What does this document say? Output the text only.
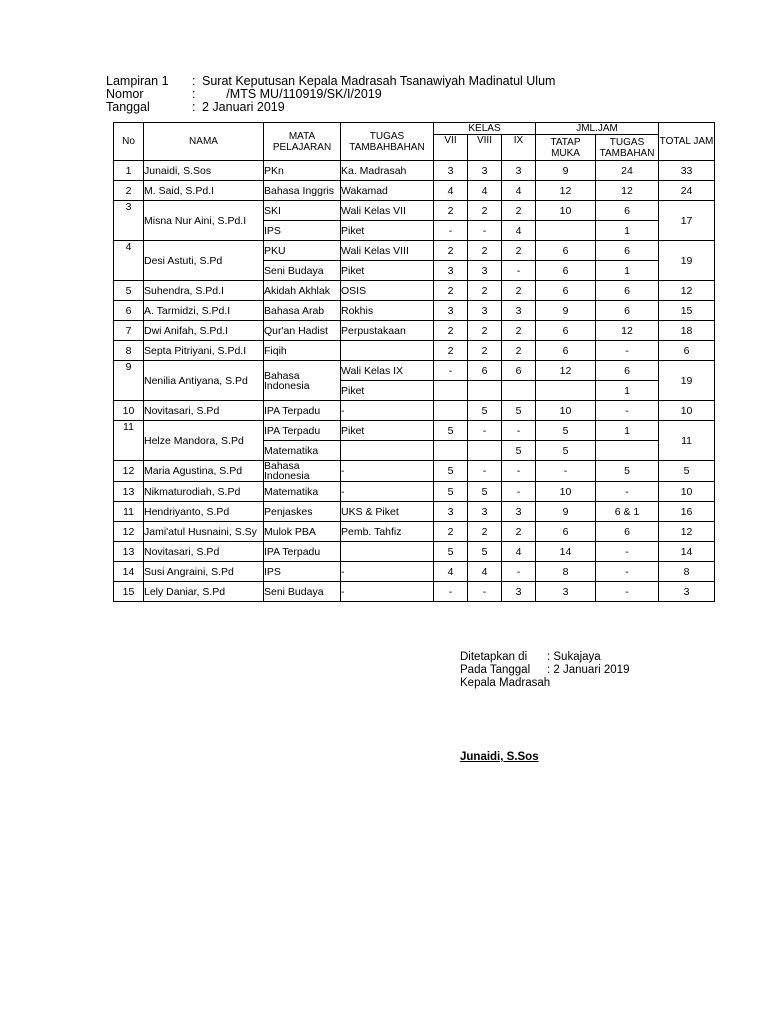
Lampiran 1	: Surat Keputusan Kepala Madrasah Tsanawiyah Madinatul Ulum
Nomor	: /MTS MU/110919/SK/I/2019
Tanggal	: 2 Januari 2019
No	NAMA	MATA PELAJARAN	TUGAS TAMBAHBAHAN	KELAS			JML.JAM		TOTAL JAM
				VII	VIII	IX	TATAP MUKA	TUGAS TAMBAHAN	
1	Junaidi, S.Sos	PKn	Ka. Madrasah	3	3	3	9	24	33
2	M. Said, S.Pd.I	Bahasa Inggris	Wakamad	4	4	4	12	12	24
3	Misna Nur Aini, S.Pd.I	SKI	Wali Kelas VII	2	2	2	10	6	17
		IPS	Piket	-	-	4		1	
4	Desi Astuti, S.Pd	PKU	Wali Kelas VIII	2	2	2	6	6	19
		Seni Budaya	Piket	3	3	-	6	1	
5	Suhendra, S.Pd.I	Akidah Akhlak	OSIS	2	2	2	6	6	12
6	A. Tarmidzi, S.Pd.I	Bahasa Arab	Rokhis	3	3	3	9	6	15
7	Dwi Anifah, S.Pd.I	Qur'an Hadist	Perpustakaan	2	2	2	6	12	18
8	Septa Pitriyani, S.Pd.I	Fiqih		2	2	2	6	-	6
9	Nenilia Antiyana, S.Pd	Bahasa Indonesia	Wali Kelas IX	-	6	6	12	6	19
			Piket					1	
10	Novitasari, S.Pd	IPA Terpadu	-		5	5	10	-	10
11	Helze Mandora, S.Pd	IPA Terpadu	Piket	5	-	-	5	1	11
		Matematika				5	5		
12	Maria Agustina, S.Pd	Bahasa Indonesia	-	5	-	-	-	5	5
13	Nikmaturodiah, S.Pd	Matematika	-	5	5	-	10	-	10
11	Hendriyanto, S.Pd	Penjaskes	UKS & Piket	3	3	3	9	6 & 1	16
12	Jami'atul Husnaini, S.Sy	Mulok PBA	Pemb. Tahfiz	2	2	2	6	6	12
13	Novitasari, S.Pd	IPA Terpadu		5	5	4	14	-	14
14	Susi Angraini, S.Pd	IPS	-	4	4	-	8	-	8
15	Lely Daniar, S.Pd	Seni Budaya	-	-	-	3	3	-	3
Ditetapkan di	: Sukajaya
Pada Tanggal	: 2 Januari 2019
Kepala Madrasah
Junaidi, S.Sos
